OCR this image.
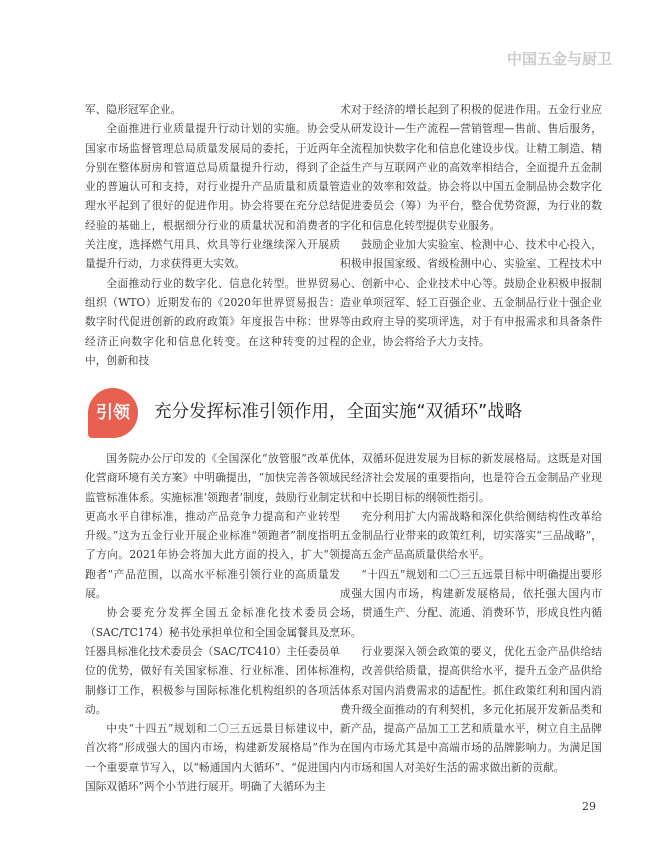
中国五金与厨卫

军、隐形冠军企业。

全面推进行业质量提升行动计划的实施。协会受国家市场监督管理总局质量发展局的委托，于近两年分别在整体厨房和管道总局质量提升行动，得到了企业的普遍认可和支持，对行业提升产品质量和质量管理水平起到了很好的促进作用。协会将要在充分总结经验的基础上，根据细分行业的质量状况和消费者的关注度，选择燃气用具、炊具等行业继续深入开展质量提升行动，力求获得更大实效。

全面推动行业的数字化、信息化转型。世界贸易组织（WTO）近期发布的《2020年世界贸易报告：数字时代促进创新的政府政策》年度报告中称：世界经济正向数字化和信息化转变。在这种转变的过程中，创新和技

术对于经济的增长起到了积极的促进作用。五金行业应从研发设计—生产流程—营销管理—售前、售后服务，全流程加快数字化和信息化建设步伐。让精工制造、精益生产与互联网产业的高效率相结合，全面提升五金制造业的效率和效益。协会将以中国五金制品协会数字化促进委员会（筹）为平台，整合优势资源，为行业的数字化和信息化转型提供专业服务。

鼓励企业加大实验室、检测中心、技术中心投入，积极申报国家级、省级检测中心、实验室、工程技术中心、创新中心、企业技术中心等。鼓励企业积极申报制造业单项冠军、轻工百强企业、五金制品行业十强企业等由政府主导的奖项评选，对于有申报需求和具备条件的企业，协会将给予大力支持。

引领	充分发挥标准引领作用，全面实施“双循环”战略

国务院办公厅印发的《全国深化“放管服”改革优化营商环境有关方案》中明确提出，“加快完善各领域监管标准体系。实施标准‘领跑者’制度，鼓励行业制定更高水平自律标准，推动产品竞争力提高和产业转型升级。”这为五金行业开展企业标准“领跑者”制度指明了方向。2021年协会将加大此方面的投入，扩大“领跑者”产品范围，以高水平标准引领行业的高质量发展。

协会要充分发挥全国五金标准化技术委员会（SAC/TC174）秘书处承担单位和全国金属餐具及烹饪器具标准化技术委员会（SAC/TC410）主任委员单位的优势，做好有关国家标准、行业标准、团体标准制修订工作，积极参与国际标准化机构组织的各项活动。

中央“十四五”规划和二〇三五远景目标建议中，首次将“形成强大的国内市场，构建新发展格局”作为一个重要章节写入，以“畅通国内大循环”、“促进国内国际双循环”两个小节进行展开。明确了大循环为主

体，双循环促进发展为目标的新发展格局。这既是对国民经济社会发展的重要指向，也是符合五金制品产业现状和中长期目标的纲领性指引。

充分利用扩大内需战略和深化供给侧结构性改革给五金制品行业带来的政策红利，切实落实“三品战略”，提高五金产品高质量供给水平。

“十四五”规划和二〇三五远景目标中明确提出要形成强大国内市场，构建新发展格局，依托强大国内市场，贯通生产、分配、流通、消费环节，形成良性内循环。

行业要深入领会政策的要义，优化五金产品供给结构，改善供给质量，提高供给水平，提升五金产品供给体系对国内消费需求的适配性。抓住政策红利和国内消费升级全面推动的有利契机，多元化拓展开发新品类和新产品，提高产品加工工艺和质量水平，树立自主品牌在国内市场尤其是中高端市场的品牌影响力。为满足国内市场和国人对美好生活的需求做出新的贡献。

29
